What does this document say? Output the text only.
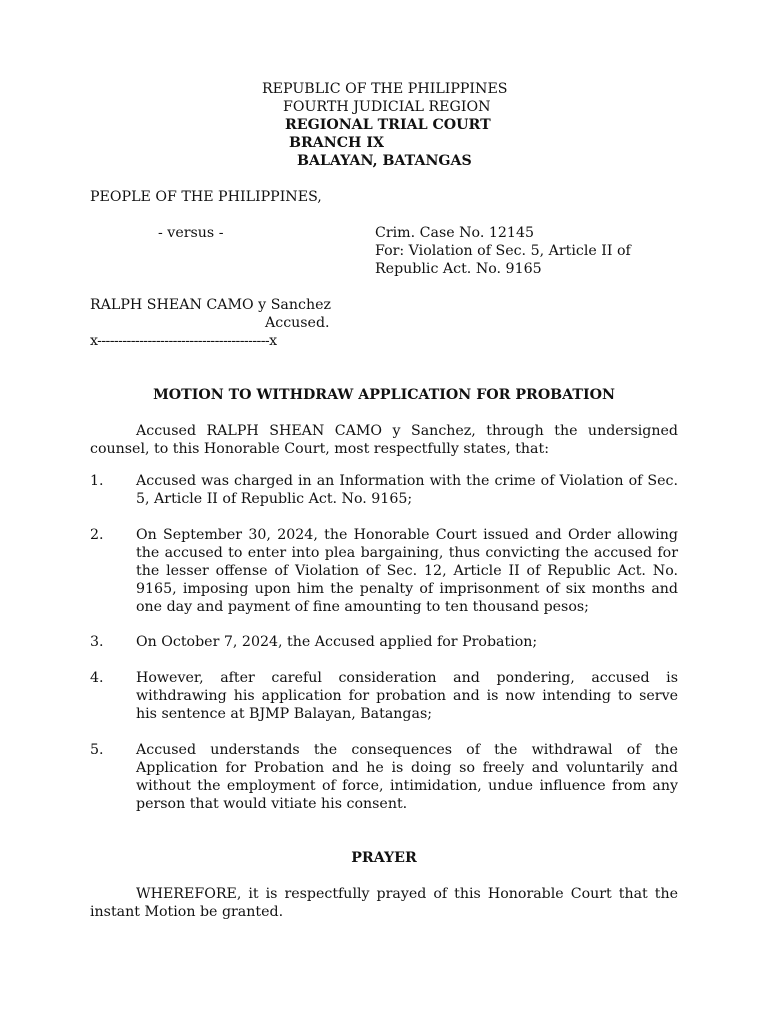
REPUBLIC OF THE PHILIPPINES
FOURTH JUDICIAL REGION
REGIONAL TRIAL COURT
BRANCH IX
BALAYAN, BATANGAS
PEOPLE OF THE PHILIPPINES,
- versus -	Crim. Case No. 12145
For: Violation of Sec. 5, Article II of
Republic Act. No. 9165
RALPH SHEAN CAMO y Sanchez
Accused.
x-----------------------------------------x
MOTION TO WITHDRAW APPLICATION FOR PROBATION
Accused RALPH SHEAN CAMO y Sanchez, through the undersigned counsel, to this Honorable Court, most respectfully states, that:
1. Accused was charged in an Information with the crime of Violation of Sec. 5, Article II of Republic Act. No. 9165;
2. On September 30, 2024, the Honorable Court issued and Order allowing the accused to enter into plea bargaining, thus convicting the accused for the lesser offense of Violation of Sec. 12, Article II of Republic Act. No. 9165, imposing upon him the penalty of imprisonment of six months and one day and payment of fine amounting to ten thousand pesos;
3. On October 7, 2024, the Accused applied for Probation;
4. However, after careful consideration and pondering, accused is withdrawing his application for probation and is now intending to serve his sentence at BJMP Balayan, Batangas;
5. Accused understands the consequences of the withdrawal of the Application for Probation and he is doing so freely and voluntarily and without the employment of force, intimidation, undue influence from any person that would vitiate his consent.
PRAYER
WHEREFORE, it is respectfully prayed of this Honorable Court that the instant Motion be granted.
